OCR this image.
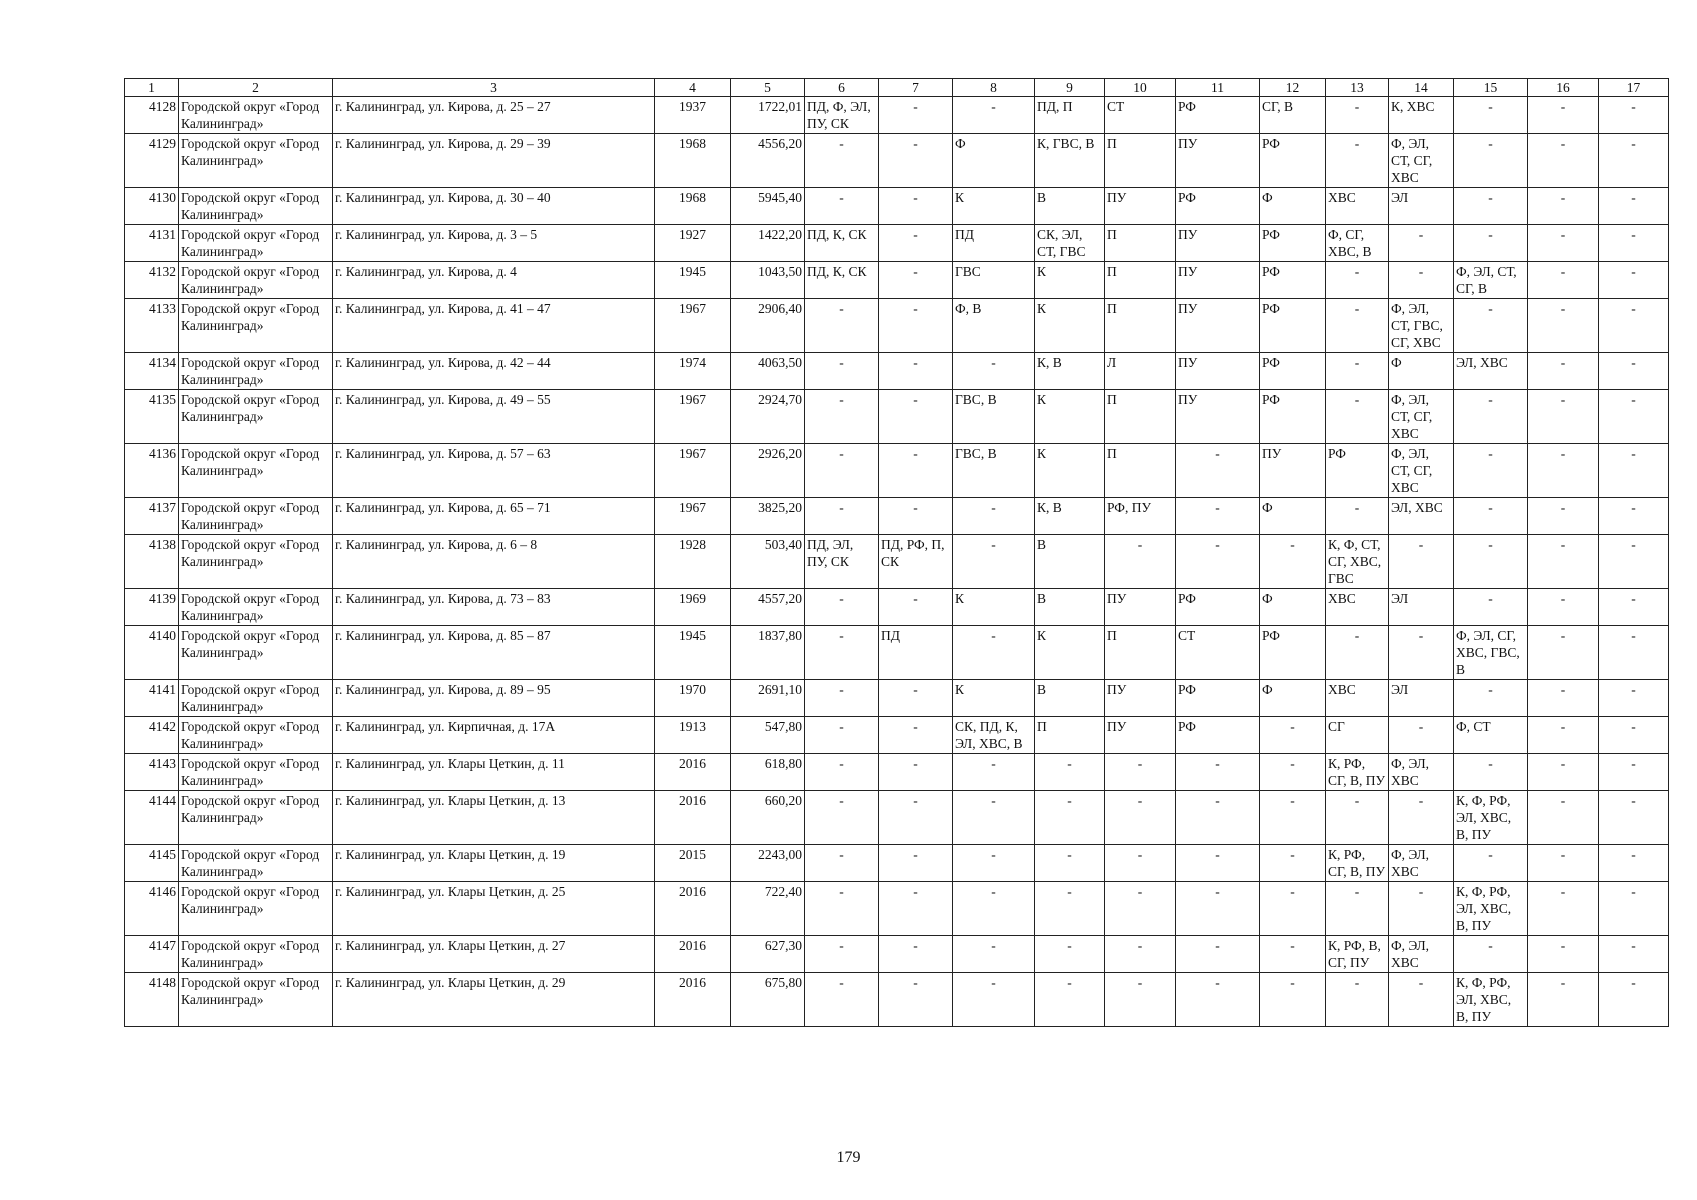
1	2	3	4	5	6	7	8	9	10	11	12	13	14	15	16	17
4128	Городской округ «Город Калининград»	г. Калининград, ул. Кирова, д. 25 – 27	1937	1722,01	ПД, Ф, ЭЛ, ПУ, СК	-	-	ПД, П	СТ	РФ	СГ, В	-	К, ХВС	-	-	-
4129	Городской округ «Город Калининград»	г. Калининград, ул. Кирова, д. 29 – 39	1968	4556,20	-	-	Ф	К, ГВС, В	П	ПУ	РФ	-	Ф, ЭЛ, СТ, СГ, ХВС	-	-	-
4130	Городской округ «Город Калининград»	г. Калининград, ул. Кирова, д. 30 – 40	1968	5945,40	-	-	К	В	ПУ	РФ	Ф	ХВС	ЭЛ	-	-	-
4131	Городской округ «Город Калининград»	г. Калининград, ул. Кирова, д. 3 – 5	1927	1422,20	ПД, К, СК	-	ПД	СК, ЭЛ, СТ, ГВС	П	ПУ	РФ	Ф, СГ, ХВС, В	-	-	-	-
4132	Городской округ «Город Калининград»	г. Калининград, ул. Кирова, д. 4	1945	1043,50	ПД, К, СК	-	ГВС	К	П	ПУ	РФ	-	-	Ф, ЭЛ, СТ, СГ, В	-	-
4133	Городской округ «Город Калининград»	г. Калининград, ул. Кирова, д. 41 – 47	1967	2906,40	-	-	Ф, В	К	П	ПУ	РФ	-	Ф, ЭЛ, СТ, ГВС, СГ, ХВС	-	-	-
4134	Городской округ «Город Калининград»	г. Калининград, ул. Кирова, д. 42 – 44	1974	4063,50	-	-	-	К, В	Л	ПУ	РФ	-	Ф	ЭЛ, ХВС	-	-
4135	Городской округ «Город Калининград»	г. Калининград, ул. Кирова, д. 49 – 55	1967	2924,70	-	-	ГВС, В	К	П	ПУ	РФ	-	Ф, ЭЛ, СТ, СГ, ХВС	-	-	-
4136	Городской округ «Город Калининград»	г. Калининград, ул. Кирова, д. 57 – 63	1967	2926,20	-	-	ГВС, В	К	П	-	ПУ	РФ	Ф, ЭЛ, СТ, СГ, ХВС	-	-	-
4137	Городской округ «Город Калининград»	г. Калининград, ул. Кирова, д. 65 – 71	1967	3825,20	-	-	-	К, В	РФ, ПУ	-	Ф	-	ЭЛ, ХВС	-	-	-
4138	Городской округ «Город Калининград»	г. Калининград, ул. Кирова, д. 6 – 8	1928	503,40	ПД, ЭЛ, ПУ, СК	ПД, РФ, П, СК	-	В	-	-	-	К, Ф, СТ, СГ, ХВС, ГВС	-	-	-	-
4139	Городской округ «Город Калининград»	г. Калининград, ул. Кирова, д. 73 – 83	1969	4557,20	-	-	К	В	ПУ	РФ	Ф	ХВС	ЭЛ	-	-	-
4140	Городской округ «Город Калининград»	г. Калининград, ул. Кирова, д. 85 – 87	1945	1837,80	-	ПД	-	К	П	СТ	РФ	-	-	Ф, ЭЛ, СГ, ХВС, ГВС, В	-	-
4141	Городской округ «Город Калининград»	г. Калининград, ул. Кирова, д. 89 – 95	1970	2691,10	-	-	К	В	ПУ	РФ	Ф	ХВС	ЭЛ	-	-	-
4142	Городской округ «Город Калининград»	г. Калининград, ул. Кирпичная, д. 17А	1913	547,80	-	-	СК, ПД, К, ЭЛ, ХВС, В	П	ПУ	РФ	-	СГ	-	Ф, СТ	-	-
4143	Городской округ «Город Калининград»	г. Калининград, ул. Клары Цеткин, д. 11	2016	618,80	-	-	-	-	-	-	-	К, РФ, СГ, В, ПУ	Ф, ЭЛ, ХВС	-	-	-
4144	Городской округ «Город Калининград»	г. Калининград, ул. Клары Цеткин, д. 13	2016	660,20	-	-	-	-	-	-	-	-	-	К, Ф, РФ, ЭЛ, ХВС, В, ПУ	-	-
4145	Городской округ «Город Калининград»	г. Калининград, ул. Клары Цеткин, д. 19	2015	2243,00	-	-	-	-	-	-	-	К, РФ, СГ, В, ПУ	Ф, ЭЛ, ХВС	-	-	-
4146	Городской округ «Город Калининград»	г. Калининград, ул. Клары Цеткин, д. 25	2016	722,40	-	-	-	-	-	-	-	-	-	К, Ф, РФ, ЭЛ, ХВС, В, ПУ	-	-
4147	Городской округ «Город Калининград»	г. Калининград, ул. Клары Цеткин, д. 27	2016	627,30	-	-	-	-	-	-	-	К, РФ, В, СГ, ПУ	Ф, ЭЛ, ХВС	-	-	-
4148	Городской округ «Город Калининград»	г. Калининград, ул. Клары Цеткин, д. 29	2016	675,80	-	-	-	-	-	-	-	-	-	К, Ф, РФ, ЭЛ, ХВС, В, ПУ	-	-
179
